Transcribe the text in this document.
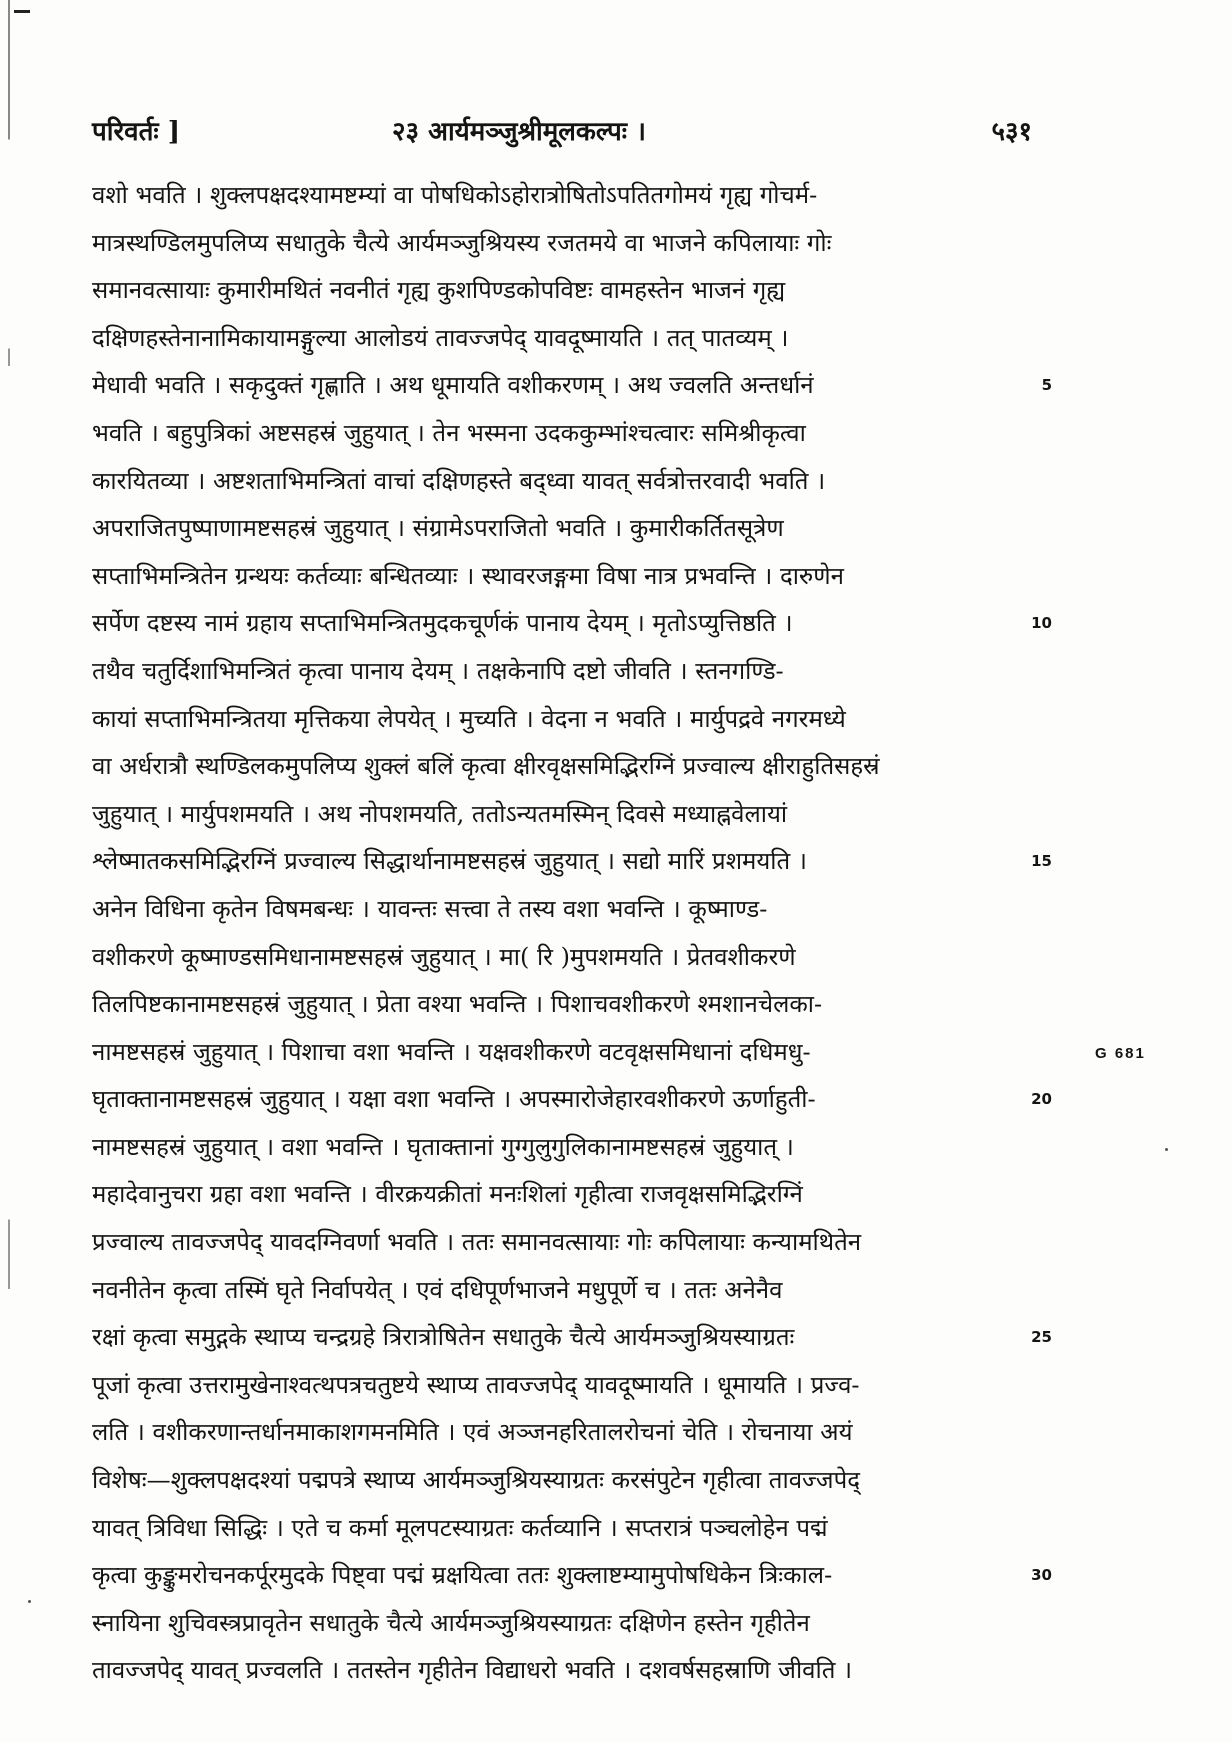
परिवर्तः ]	२३ आर्यमञ्जुश्रीमूलकल्पः ।	५३१
वशो भवति । शुक्लपक्षदश्यामष्टम्यां वा पोषधिकोऽहोरात्रोषितोऽपतितगोमयं गृह्य गोचर्म-
मात्रस्थण्डिलमुपलिप्य सधातुके चैत्ये आर्यमञ्जुश्रियस्य रजतमये वा भाजने कपिलायाः गोः
समानवत्सायाः कुमारीमथितं नवनीतं गृह्य कुशपिण्डकोपविष्टः वामहस्तेन भाजनं गृह्य
दक्षिणहस्तेनानामिकायामङ्गुल्या आलोडयं तावज्जपेद् यावदूष्मायति । तत् पातव्यम् ।
मेधावी भवति । सकृदुक्तं गृह्णाति । अथ धूमायति वशीकरणम् । अथ ज्वलति अन्तर्धानं	5
भवति । बहुपुत्रिकां अष्टसहस्रं जुहुयात् । तेन भस्मना उदककुम्भांश्चत्वारः समिश्रीकृत्वा
कारयितव्या । अष्टशताभिमन्त्रितां वाचां दक्षिणहस्ते बद्ध्वा यावत् सर्वत्रोत्तरवादी भवति ।
अपराजितपुष्पाणामष्टसहस्रं जुहुयात् । संग्रामेऽपराजितो भवति । कुमारीकर्तितसूत्रेण
सप्ताभिमन्त्रितेन ग्रन्थयः कर्तव्याः बन्धितव्याः । स्थावरजङ्गमा विषा नात्र प्रभवन्ति । दारुणेन
सर्पेण दष्टस्य नामं ग्रहाय सप्ताभिमन्त्रितमुदकचूर्णकं पानाय देयम् । मृतोऽप्युत्तिष्ठति ।	10
तथैव चतुर्दिशाभिमन्त्रितं कृत्वा पानाय देयम् । तक्षकेनापि दष्टो जीवति । स्तनगण्डि-
कायां सप्ताभिमन्त्रितया मृत्तिकया लेपयेत् । मुच्यति । वेदना न भवति । मार्युपद्रवे नगरमध्ये
वा अर्धरात्रौ स्थण्डिलकमुपलिप्य शुक्लं बलिं कृत्वा क्षीरवृक्षसमिद्भिरग्निं प्रज्वाल्य क्षीराहुतिसहस्रं
जुहुयात् । मार्युपशमयति । अथ नोपशमयति, ततोऽन्यतमस्मिन् दिवसे मध्याह्नवेलायां
श्लेष्मातकसमिद्भिरग्निं प्रज्वाल्य सिद्धार्थानामष्टसहस्रं जुहुयात् । सद्यो मारिं प्रशमयति ।	15
अनेन विधिना कृतेन विषमबन्धः । यावन्तः सत्त्वा ते तस्य वशा भवन्ति । कूष्माण्ड-
वशीकरणे कूष्माण्डसमिधानामष्टसहस्रं जुहुयात् । मा( रि )मुपशमयति । प्रेतवशीकरणे
तिलपिष्टकानामष्टसहस्रं जुहुयात् । प्रेता वश्या भवन्ति । पिशाचवशीकरणे श्मशानचेलका-
नामष्टसहस्रं जुहुयात् । पिशाचा वशा भवन्ति । यक्षवशीकरणे वटवृक्षसमिधानां दधिमधु-
घृताक्तानामष्टसहस्रं जुहुयात् । यक्षा वशा भवन्ति । अपस्मारोजेहारवशीकरणे ऊर्णाहुती-	20
नामष्टसहस्रं जुहुयात् । वशा भवन्ति । घृताक्तानां गुग्गुलुगुलिकानामष्टसहस्रं जुहुयात् ।
महादेवानुचरा ग्रहा वशा भवन्ति । वीरक्रयक्रीतां मनःशिलां गृहीत्वा राजवृक्षसमिद्भिरग्निं
प्रज्वाल्य तावज्जपेद् यावदग्निवर्णा भवति । ततः समानवत्सायाः गोः कपिलायाः कन्यामथितेन
नवनीतेन कृत्वा तस्मिं घृते निर्वापयेत् । एवं दधिपूर्णभाजने मधुपूर्णे च । ततः अनेनैव
रक्षां कृत्वा समुद्गके स्थाप्य चन्द्रग्रहे त्रिरात्रोषितेन सधातुके चैत्ये आर्यमञ्जुश्रियस्याग्रतः	25
पूजां कृत्वा उत्तरामुखेनाश्वत्थपत्रचतुष्टये स्थाप्य तावज्जपेद् यावदूष्मायति । धूमायति । प्रज्व-
लति । वशीकरणान्तर्धानमाकाशगमनमिति । एवं अञ्जनहरितालरोचनां चेति । रोचनाया अयं
विशेषः—शुक्लपक्षदश्यां पद्मपत्रे स्थाप्य आर्यमञ्जुश्रियस्याग्रतः करसंपुटेन गृहीत्वा तावज्जपेद्
यावत् त्रिविधा सिद्धिः । एते च कर्मा मूलपटस्याग्रतः कर्तव्यानि । सप्तरात्रं पञ्चलोहेन पद्मं
कृत्वा कुङ्कुमरोचनकर्पूरमुदके पिष्ट्वा पद्मं म्रक्षयित्वा ततः शुक्लाष्टम्यामुपोषधिकेन त्रिःकाल-	30
स्नायिना शुचिवस्त्रप्रावृतेन सधातुके चैत्ये आर्यमञ्जुश्रियस्याग्रतः दक्षिणेन हस्तेन गृहीतेन
तावज्जपेद् यावत् प्रज्वलति । ततस्तेन गृहीतेन विद्याधरो भवति । दशवर्षसहस्राणि जीवति ।
G 681
